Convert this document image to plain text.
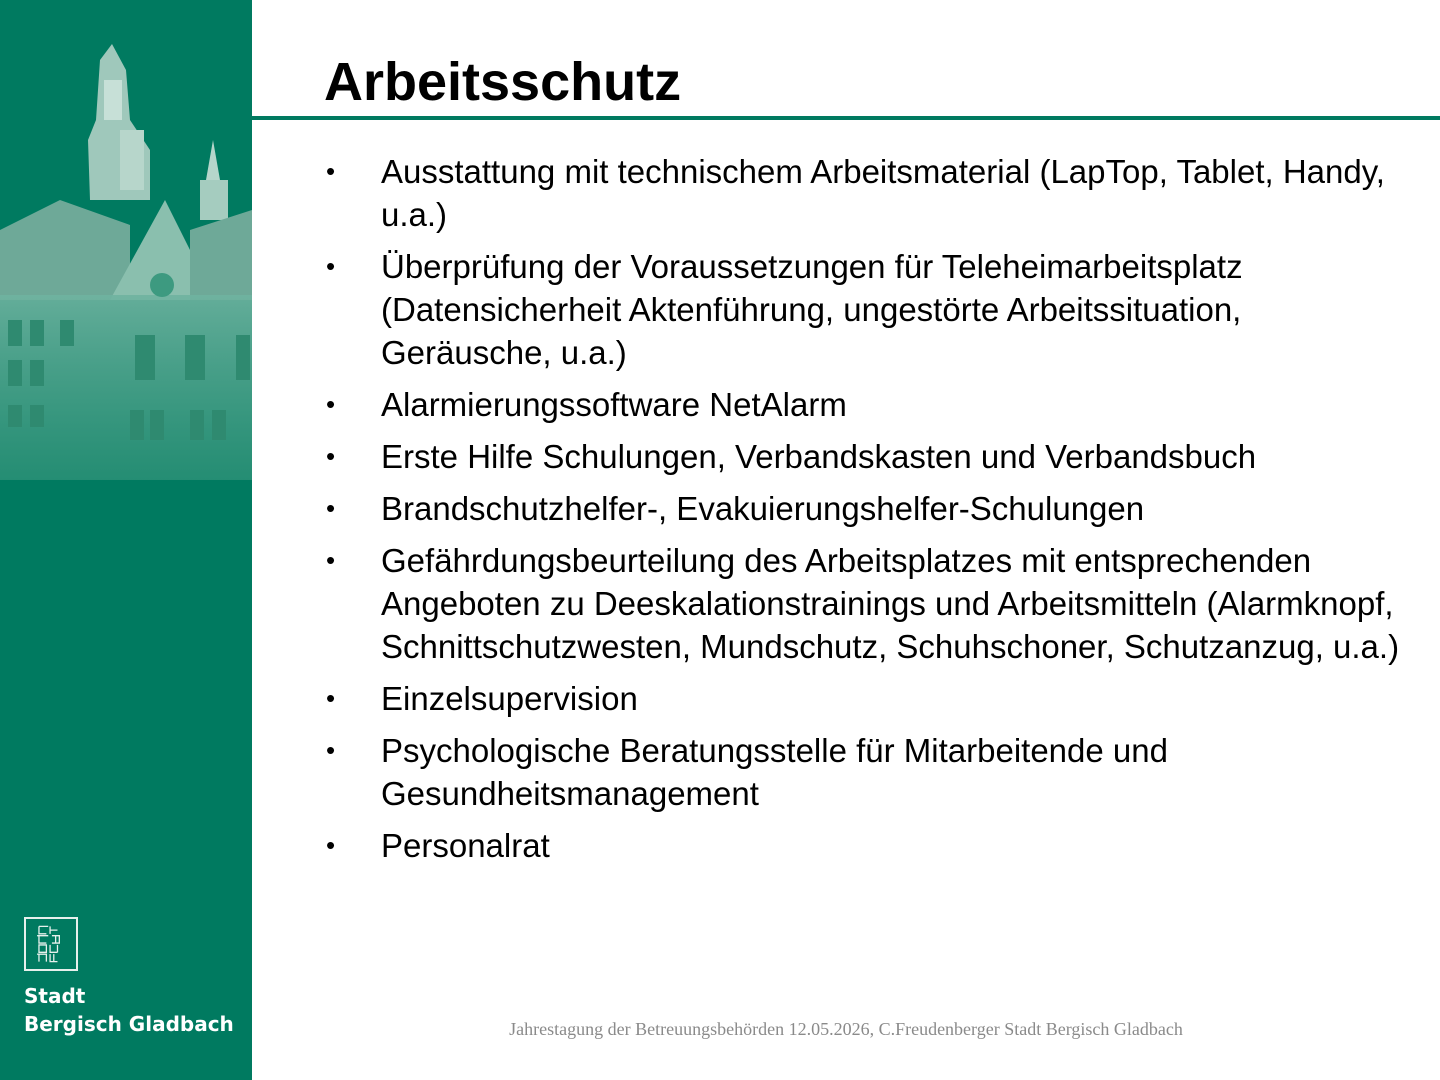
Stadt
Bergisch Gladbach
Arbeitsschutz
• Ausstattung mit technischem Arbeitsmaterial (LapTop, Tablet, Handy, u.a.)
• Überprüfung der Voraussetzungen für Teleheimarbeitsplatz (Datensicherheit Aktenführung, ungestörte Arbeitssituation, Geräusche, u.a.)
• Alarmierungssoftware NetAlarm
• Erste Hilfe Schulungen, Verbandskasten und Verbandsbuch
• Brandschutzhelfer-, Evakuierungshelfer-Schulungen
• Gefährdungsbeurteilung des Arbeitsplatzes mit entsprechenden Angeboten zu Deeskalationstrainings und Arbeitsmitteln (Alarmknopf, Schnittschutzwesten, Mundschutz, Schuhschoner, Schutzanzug, u.a.)
• Einzelsupervision
• Psychologische Beratungsstelle für Mitarbeitende und Gesundheitsmanagement
• Personalrat
Jahrestagung der Betreuungsbehörden 12.05.2026, C.Freudenberger Stadt Bergisch Gladbach
